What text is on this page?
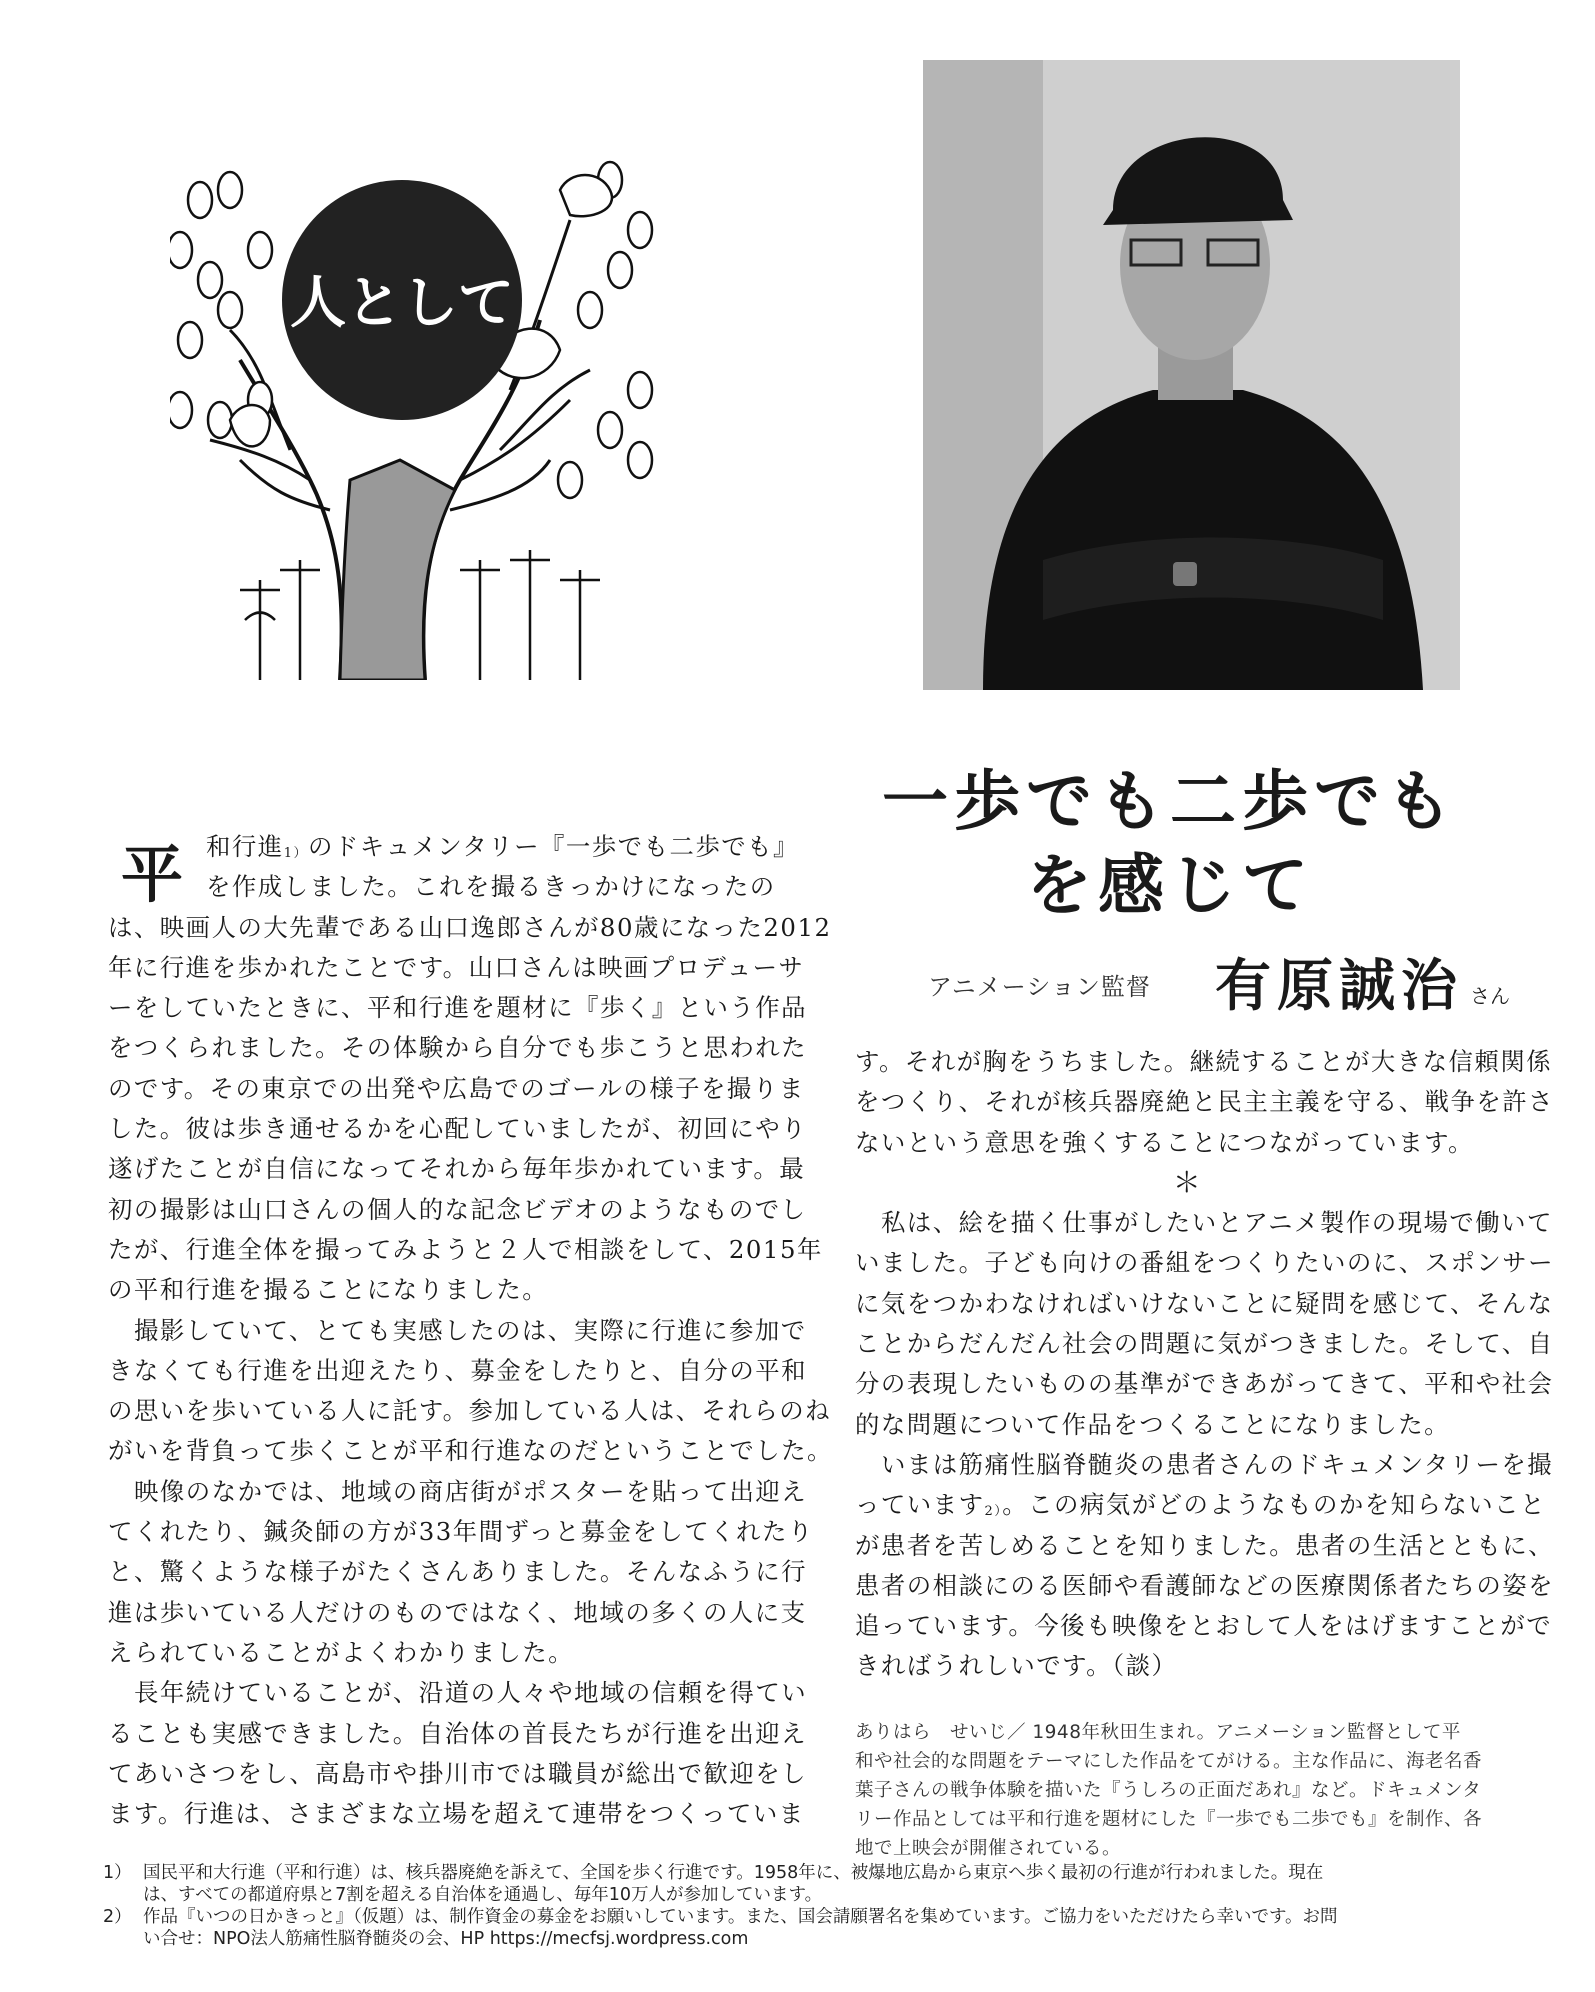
人として
一歩でも二歩でも
を感じて
アニメーション監督 有原誠治 さん
平 和行進1）のドキュメンタリー『一歩でも二歩でも』
を作成しました。これを撮るきっかけになったの
は、映画人の大先輩である山口逸郎さんが80歳になった2012
年に行進を歩かれたことです。山口さんは映画プロデューサ
ーをしていたときに、平和行進を題材に『歩く』という作品
をつくられました。その体験から自分でも歩こうと思われた
のです。その東京での出発や広島でのゴールの様子を撮りま
した。彼は歩き通せるかを心配していましたが、初回にやり
遂げたことが自信になってそれから毎年歩かれています。最
初の撮影は山口さんの個人的な記念ビデオのようなものでし
たが、行進全体を撮ってみようと２人で相談をして、2015年
の平和行進を撮ることになりました。
撮影していて、とても実感したのは、実際に行進に参加で
きなくても行進を出迎えたり、募金をしたりと、自分の平和
の思いを歩いている人に託す。参加している人は、それらのね
がいを背負って歩くことが平和行進なのだということでした。
映像のなかでは、地域の商店街がポスターを貼って出迎え
てくれたり、鍼灸師の方が33年間ずっと募金をしてくれたり
と、驚くような様子がたくさんありました。そんなふうに行
進は歩いている人だけのものではなく、地域の多くの人に支
えられていることがよくわかりました。
長年続けていることが、沿道の人々や地域の信頼を得てい
ることも実感できました。自治体の首長たちが行進を出迎え
てあいさつをし、高島市や掛川市では職員が総出で歓迎をし
ます。行進は、さまざまな立場を超えて連帯をつくっていま
す。それが胸をうちました。継続することが大きな信頼関係
をつくり、それが核兵器廃絶と民主主義を守る、戦争を許さ
ないという意思を強くすることにつながっています。
＊
私は、絵を描く仕事がしたいとアニメ製作の現場で働いて
いました。子ども向けの番組をつくりたいのに、スポンサー
に気をつかわなければいけないことに疑問を感じて、そんな
ことからだんだん社会の問題に気がつきました。そして、自
分の表現したいものの基準ができあがってきて、平和や社会
的な問題について作品をつくることになりました。
いまは筋痛性脳脊髄炎の患者さんのドキュメンタリーを撮
っています2）。この病気がどのようなものかを知らないこと
が患者を苦しめることを知りました。患者の生活とともに、
患者の相談にのる医師や看護師などの医療関係者たちの姿を
追っています。今後も映像をとおして人をはげますことがで
きればうれしいです。（談）
ありはら　せいじ／ 1948年秋田生まれ。アニメーション監督として平
和や社会的な問題をテーマにした作品をてがける。主な作品に、海老名香
葉子さんの戦争体験を描いた『うしろの正面だあれ』など。ドキュメンタ
リー作品としては平和行進を題材にした『一歩でも二歩でも』を制作、各
地で上映会が開催されている。
1） 国民平和大行進（平和行進）は、核兵器廃絶を訴えて、全国を歩く行進です。1958年に、被爆地広島から東京へ歩く最初の行進が行われました。現在
は、すべての都道府県と7割を超える自治体を通過し、毎年10万人が参加しています。
2） 作品『いつの日かきっと』（仮題）は、制作資金の募金をお願いしています。また、国会請願署名を集めています。ご協力をいただけたら幸いです。お問
い合せ：NPO法人筋痛性脳脊髄炎の会、HP https://mecfsj.wordpress.com
